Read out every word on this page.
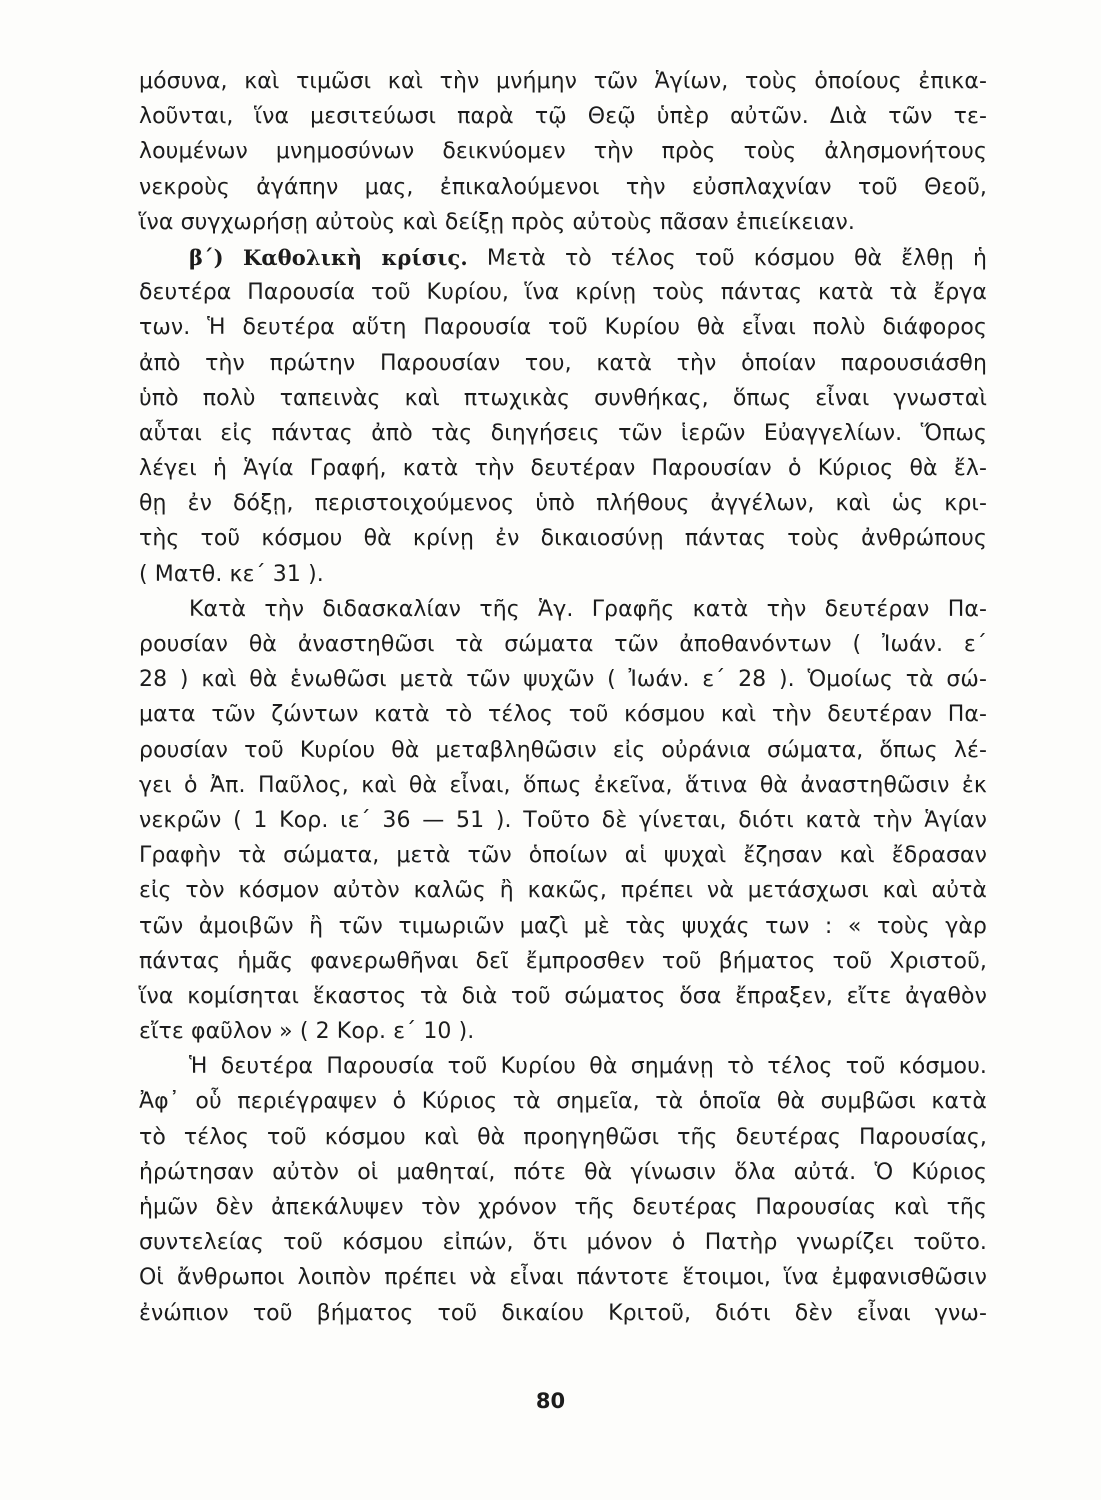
μόσυνα, καὶ τιμῶσι καὶ τὴν μνήμην τῶν Ἁγίων, τοὺς ὁποίους ἐπικα-
λοῦνται, ἵνα μεσιτεύωσι παρὰ τῷ Θεῷ ὑπὲρ αὐτῶν. Διὰ τῶν τε-
λουμένων μνημοσύνων δεικνύομεν τὴν πρὸς τοὺς ἀλησμονήτους
νεκροὺς ἀγάπην μας, ἐπικαλούμενοι τὴν εὐσπλαχνίαν τοῦ Θεοῦ,
ἵνα συγχωρήσῃ αὐτοὺς καὶ δείξῃ πρὸς αὐτοὺς πᾶσαν ἐπιείκειαν.
β΄) Καθολικὴ κρίσις. Μετὰ τὸ τέλος τοῦ κόσμου θὰ ἔλθῃ ἡ
δευτέρα Παρουσία τοῦ Κυρίου, ἵνα κρίνῃ τοὺς πάντας κατὰ τὰ ἔργα
των. Ἡ δευτέρα αὕτη Παρουσία τοῦ Κυρίου θὰ εἶναι πολὺ διάφορος
ἀπὸ τὴν πρώτην Παρουσίαν του, κατὰ τὴν ὁποίαν παρουσιάσθη
ὑπὸ πολὺ ταπεινὰς καὶ πτωχικὰς συνθήκας, ὅπως εἶναι γνωσταὶ
αὗται εἰς πάντας ἀπὸ τὰς διηγήσεις τῶν ἱερῶν Εὐαγγελίων. Ὅπως
λέγει ἡ Ἁγία Γραφή, κατὰ τὴν δευτέραν Παρουσίαν ὁ Κύριος θὰ ἔλ-
θῃ ἐν δόξῃ, περιστοιχούμενος ὑπὸ πλήθους ἀγγέλων, καὶ ὡς κρι-
τὴς τοῦ κόσμου θὰ κρίνῃ ἐν δικαιοσύνῃ πάντας τοὺς ἀνθρώπους
( Ματθ. κε΄ 31 ).
Κατὰ τὴν διδασκαλίαν τῆς Ἁγ. Γραφῆς κατὰ τὴν δευτέραν Πα-
ρουσίαν θὰ ἀναστηθῶσι τὰ σώματα τῶν ἀποθανόντων ( Ἰωάν. ε΄
28 ) καὶ θὰ ἑνωθῶσι μετὰ τῶν ψυχῶν ( Ἰωάν. ε΄ 28 ). Ὁμοίως τὰ σώ-
ματα τῶν ζώντων κατὰ τὸ τέλος τοῦ κόσμου καὶ τὴν δευτέραν Πα-
ρουσίαν τοῦ Κυρίου θὰ μεταβληθῶσιν εἰς οὐράνια σώματα, ὅπως λέ-
γει ὁ Ἀπ. Παῦλος, καὶ θὰ εἶναι, ὅπως ἐκεῖνα, ἅτινα θὰ ἀναστηθῶσιν ἐκ
νεκρῶν ( 1 Κορ. ιε΄ 36 — 51 ). Τοῦτο δὲ γίνεται, διότι κατὰ τὴν Ἁγίαν
Γραφὴν τὰ σώματα, μετὰ τῶν ὁποίων αἱ ψυχαὶ ἔζησαν καὶ ἔδρασαν
εἰς τὸν κόσμον αὐτὸν καλῶς ἢ κακῶς, πρέπει νὰ μετάσχωσι καὶ αὐτὰ
τῶν ἀμοιβῶν ἢ τῶν τιμωριῶν μαζὶ μὲ τὰς ψυχάς των : « τοὺς γὰρ
πάντας ἡμᾶς φανερωθῆναι δεῖ ἔμπροσθεν τοῦ βήματος τοῦ Χριστοῦ,
ἵνα κομίσηται ἕκαστος τὰ διὰ τοῦ σώματος ὅσα ἔπραξεν, εἴτε ἀγαθὸν
εἴτε φαῦλον » ( 2 Κορ. ε΄ 10 ).
Ἡ δευτέρα Παρουσία τοῦ Κυρίου θὰ σημάνῃ τὸ τέλος τοῦ κόσμου.
Ἀφ᾽ οὗ περιέγραψεν ὁ Κύριος τὰ σημεῖα, τὰ ὁποῖα θὰ συμβῶσι κατὰ
τὸ τέλος τοῦ κόσμου καὶ θὰ προηγηθῶσι τῆς δευτέρας Παρουσίας,
ἠρώτησαν αὐτὸν οἱ μαθηταί, πότε θὰ γίνωσιν ὅλα αὐτά. Ὁ Κύριος
ἡμῶν δὲν ἀπεκάλυψεν τὸν χρόνον τῆς δευτέρας Παρουσίας καὶ τῆς
συντελείας τοῦ κόσμου εἰπών, ὅτι μόνον ὁ Πατὴρ γνωρίζει τοῦτο.
Οἱ ἄνθρωποι λοιπὸν πρέπει νὰ εἶναι πάντοτε ἕτοιμοι, ἵνα ἐμφανισθῶσιν
ἐνώπιον τοῦ βήματος τοῦ δικαίου Κριτοῦ, διότι δὲν εἶναι γνω-
80
